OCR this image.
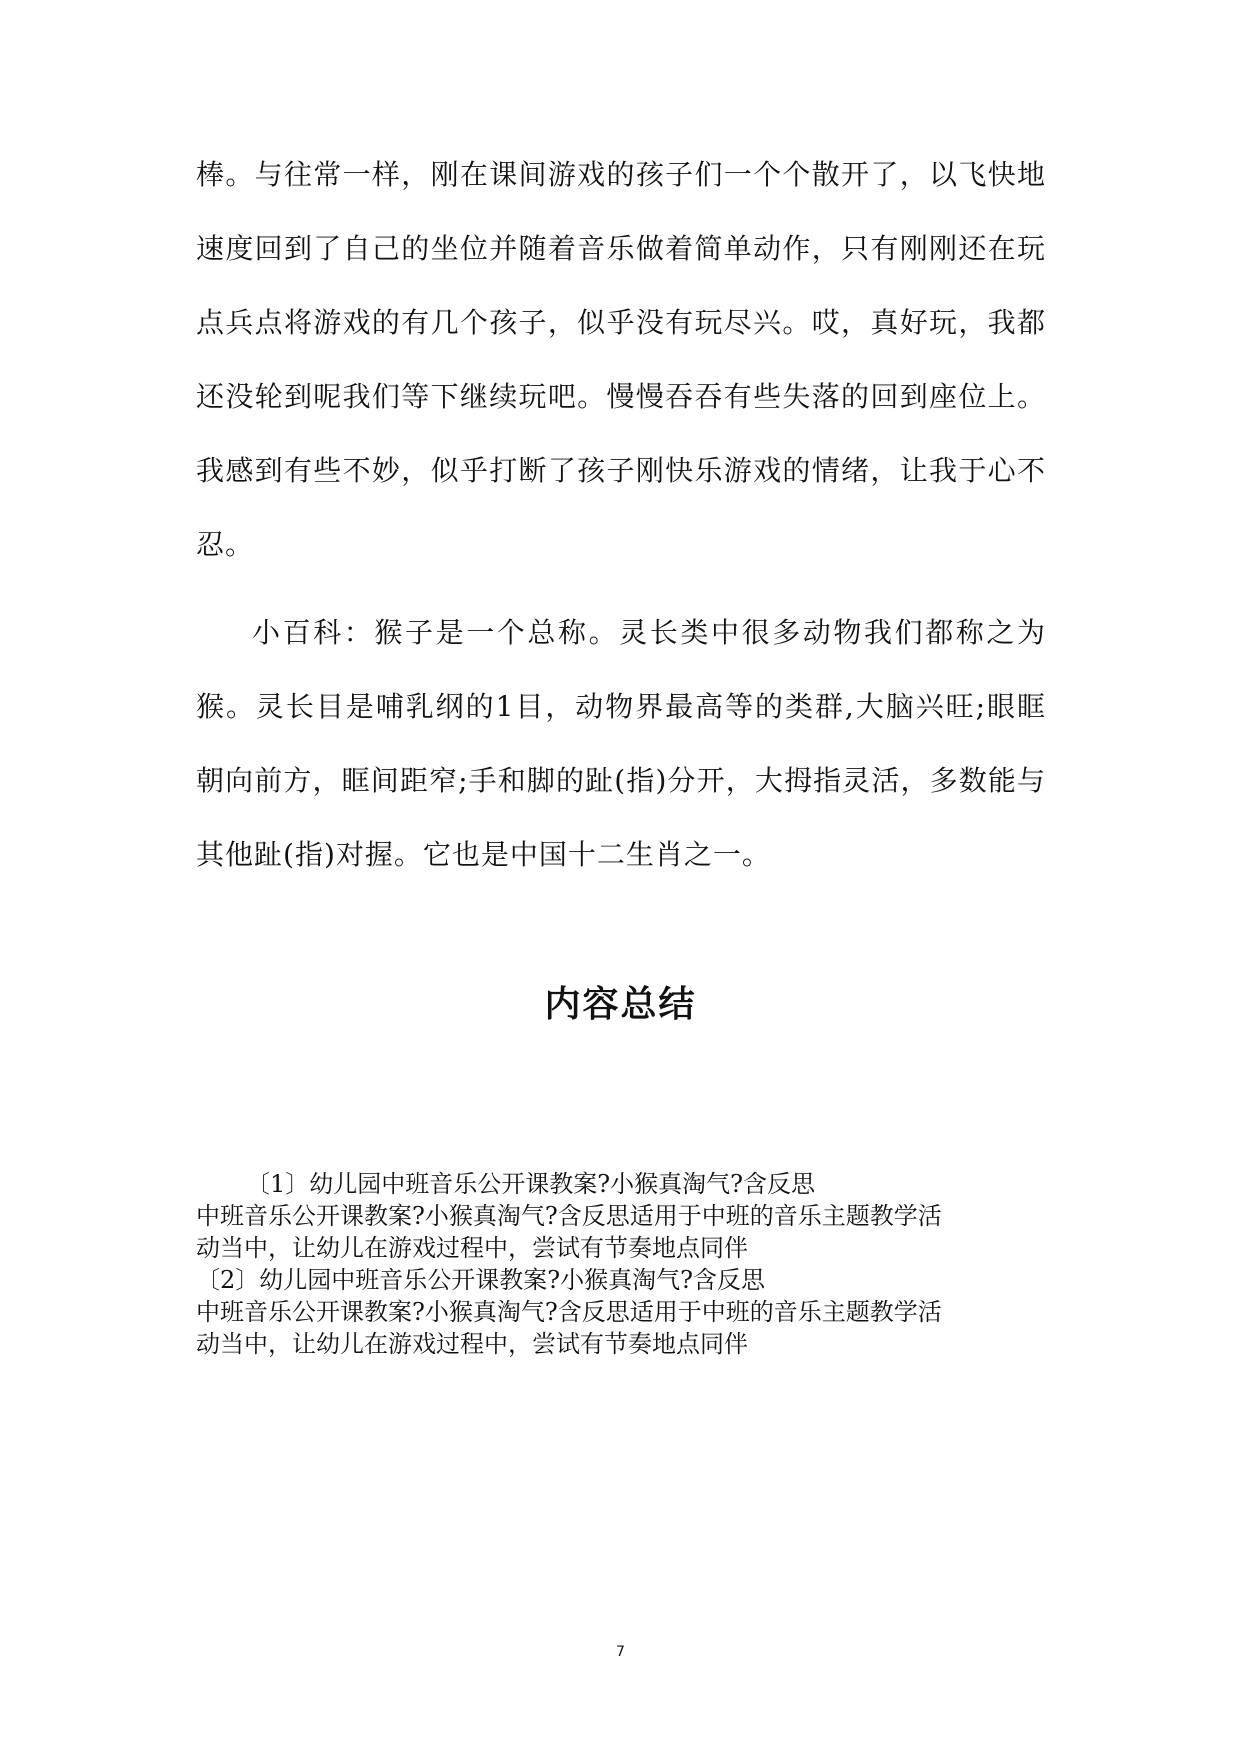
棒。与往常一样，刚在课间游戏的孩子们一个个散开了，以飞快地速度回到了自己的坐位并随着音乐做着简单动作，只有刚刚还在玩点兵点将游戏的有几个孩子，似乎没有玩尽兴。哎，真好玩，我都还没轮到呢我们等下继续玩吧。慢慢吞吞有些失落的回到座位上。我感到有些不妙，似乎打断了孩子刚快乐游戏的情绪，让我于心不忍。

小百科：猴子是一个总称。灵长类中很多动物我们都称之为猴。灵长目是哺乳纲的1目，动物界最高等的类群,大脑兴旺;眼眶朝向前方，眶间距窄;手和脚的趾(指)分开，大拇指灵活，多数能与其他趾(指)对握。它也是中国十二生肖之一。

内容总结
〔1〕幼儿园中班音乐公开课教案?小猴真淘气?含反思
中班音乐公开课教案?小猴真淘气?含反思适用于中班的音乐主题教学活
动当中，让幼儿在游戏过程中，尝试有节奏地点同伴
〔2〕幼儿园中班音乐公开课教案?小猴真淘气?含反思
中班音乐公开课教案?小猴真淘气?含反思适用于中班的音乐主题教学活
动当中，让幼儿在游戏过程中，尝试有节奏地点同伴
7
